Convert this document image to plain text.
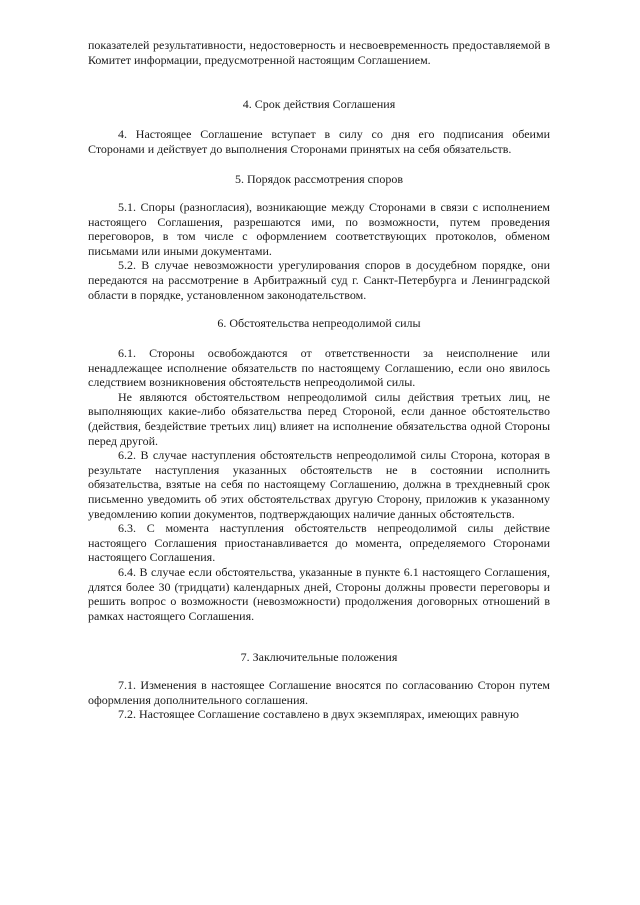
показателей результативности, недостоверность и несвоевременность предоставляемой в Комитет информации, предусмотренной настоящим Соглашением.

4. Срок действия Соглашения

4. Настоящее Соглашение вступает в силу со дня его подписания обеими Сторонами и действует до выполнения Сторонами принятых на себя обязательств.

5. Порядок рассмотрения споров

5.1. Споры (разногласия), возникающие между Сторонами в связи с исполнением настоящего Соглашения, разрешаются ими, по возможности, путем проведения переговоров, в том числе с оформлением соответствующих протоколов, обменом письмами или иными документами.

5.2. В случае невозможности урегулирования споров в досудебном порядке, они передаются на рассмотрение в Арбитражный суд г. Санкт-Петербурга и Ленинградской области в порядке, установленном законодательством.

6. Обстоятельства непреодолимой силы

6.1. Стороны освобождаются от ответственности за неисполнение или ненадлежащее исполнение обязательств по настоящему Соглашению, если оно явилось следствием возникновения обстоятельств непреодолимой силы.

Не являются обстоятельством непреодолимой силы действия третьих лиц, не выполняющих какие-либо обязательства перед Стороной, если данное обстоятельство (действия, бездействие третьих лиц) влияет на исполнение обязательства одной Стороны перед другой.

6.2. В случае наступления обстоятельств непреодолимой силы Сторона, которая в результате наступления указанных обстоятельств не в состоянии исполнить обязательства, взятые на себя по настоящему Соглашению, должна в трехдневный срок письменно уведомить об этих обстоятельствах другую Сторону, приложив к указанному уведомлению копии документов, подтверждающих наличие данных обстоятельств.

6.3. С момента наступления обстоятельств непреодолимой силы действие настоящего Соглашения приостанавливается до момента, определяемого Сторонами настоящего Соглашения.

6.4. В случае если обстоятельства, указанные в пункте 6.1 настоящего Соглашения, длятся более 30 (тридцати) календарных дней, Стороны должны провести переговоры и решить вопрос о возможности (невозможности) продолжения договорных отношений в рамках настоящего Соглашения.

7. Заключительные положения

7.1. Изменения в настоящее Соглашение вносятся по согласованию Сторон путем оформления дополнительного соглашения.

7.2. Настоящее Соглашение составлено в двух экземплярах, имеющих равную
